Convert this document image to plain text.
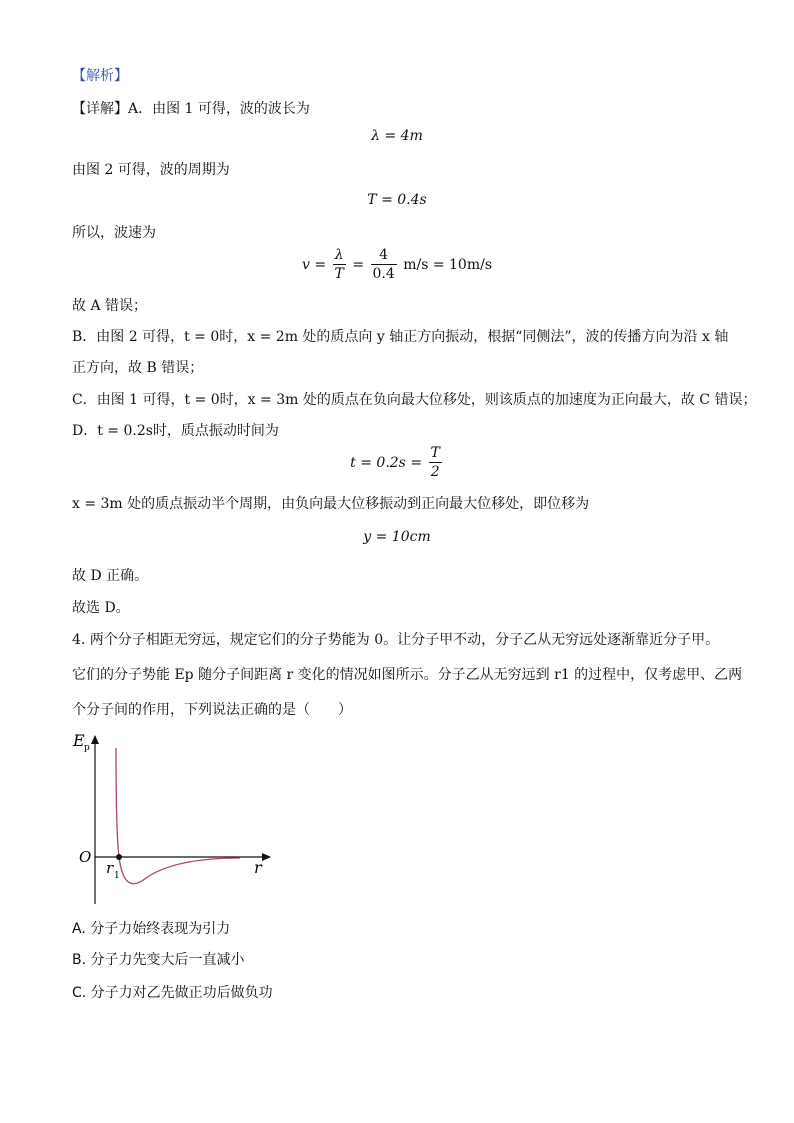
【解析】
【详解】A．由图 1 可得，波的波长为
λ = 4m
由图 2 可得，波的周期为
T = 0.4s
所以，波速为
$v = \frac{\lambda}{T} = \frac{4}{0.4} m/s = 10m/s$
故 A 错误；
B．由图 2 可得，t = 0时，x = 2m 处的质点向 y 轴正方向振动，根据“同侧法”，波的传播方向为沿 x 轴
正方向，故 B 错误；
C．由图 1 可得，t = 0时，x = 3m 处的质点在负向最大位移处，则该质点的加速度为正向最大，故 C 错误；
D．t = 0.2s时，质点振动时间为
$t = 0.2s = \frac{T}{2}$
x = 3m 处的质点振动半个周期，由负向最大位移振动到正向最大位移处，即位移为
y = 10cm
故 D 正确。
故选 D。
4. 两个分子相距无穷远，规定它们的分子势能为 0。让分子甲不动，分子乙从无穷远处逐渐靠近分子甲。
它们的分子势能 Ep 随分子间距离 r 变化的情况如图所示。分子乙从无穷远到 r1 的过程中，仅考虑甲、乙两
个分子间的作用，下列说法正确的是（　　）
E p
O
r
r 1
A. 分子力始终表现为引力
B. 分子力先变大后一直减小
C. 分子力对乙先做正功后做负功
